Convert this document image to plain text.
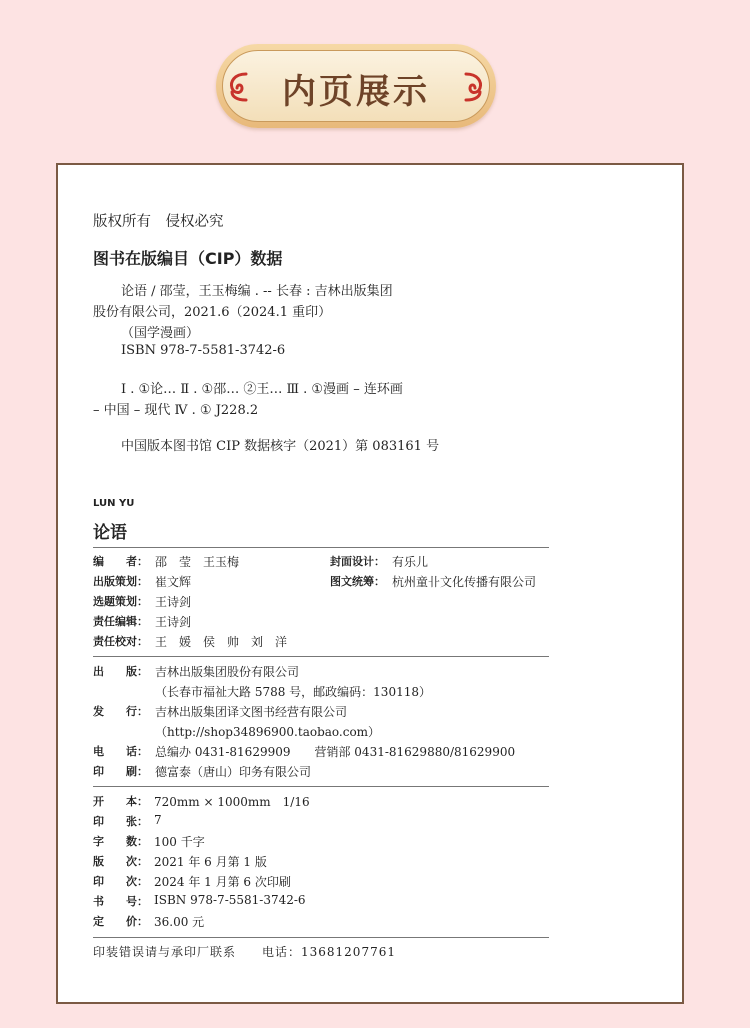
内页展示
版权所有　侵权必究
图书在版编目（CIP）数据
论语 / 邵莹，王玉梅编 . -- 长春 : 吉林出版集团
股份有限公司，2021.6（2024.1 重印）
（国学漫画）
ISBN 978-7-5581-3742-6
Ⅰ . ①论… Ⅱ . ①邵… ②王… Ⅲ . ①漫画 – 连环画
– 中国 – 现代 Ⅳ . ① J228.2
中国版本图书馆 CIP 数据核字（2021）第 083161 号
LUN YU
论语
编　　者： 邵　莹　王玉梅	封面设计： 有乐儿
出版策划： 崔文辉	图文统筹： 杭州童卝文化传播有限公司
选题策划： 王诗剑
责任编辑： 王诗剑
责任校对： 王　媛　侯　帅　刘　洋
出　　版： 吉林出版集团股份有限公司
（长春市福祉大路 5788 号，邮政编码：130118）
发　　行： 吉林出版集团译文图书经营有限公司
（http://shop34896900.taobao.com）
电　　话： 总编办 0431-81629909　　营销部 0431-81629880/81629900
印　　刷： 德富泰（唐山）印务有限公司
开　　本： 720mm × 1000mm　1/16
印　　张： 7
字　　数： 100 千字
版　　次： 2021 年 6 月第 1 版
印　　次： 2024 年 1 月第 6 次印刷
书　　号： ISBN 978-7-5581-3742-6
定　　价： 36.00 元
印装错误请与承印厂联系　　电话：13681207761
